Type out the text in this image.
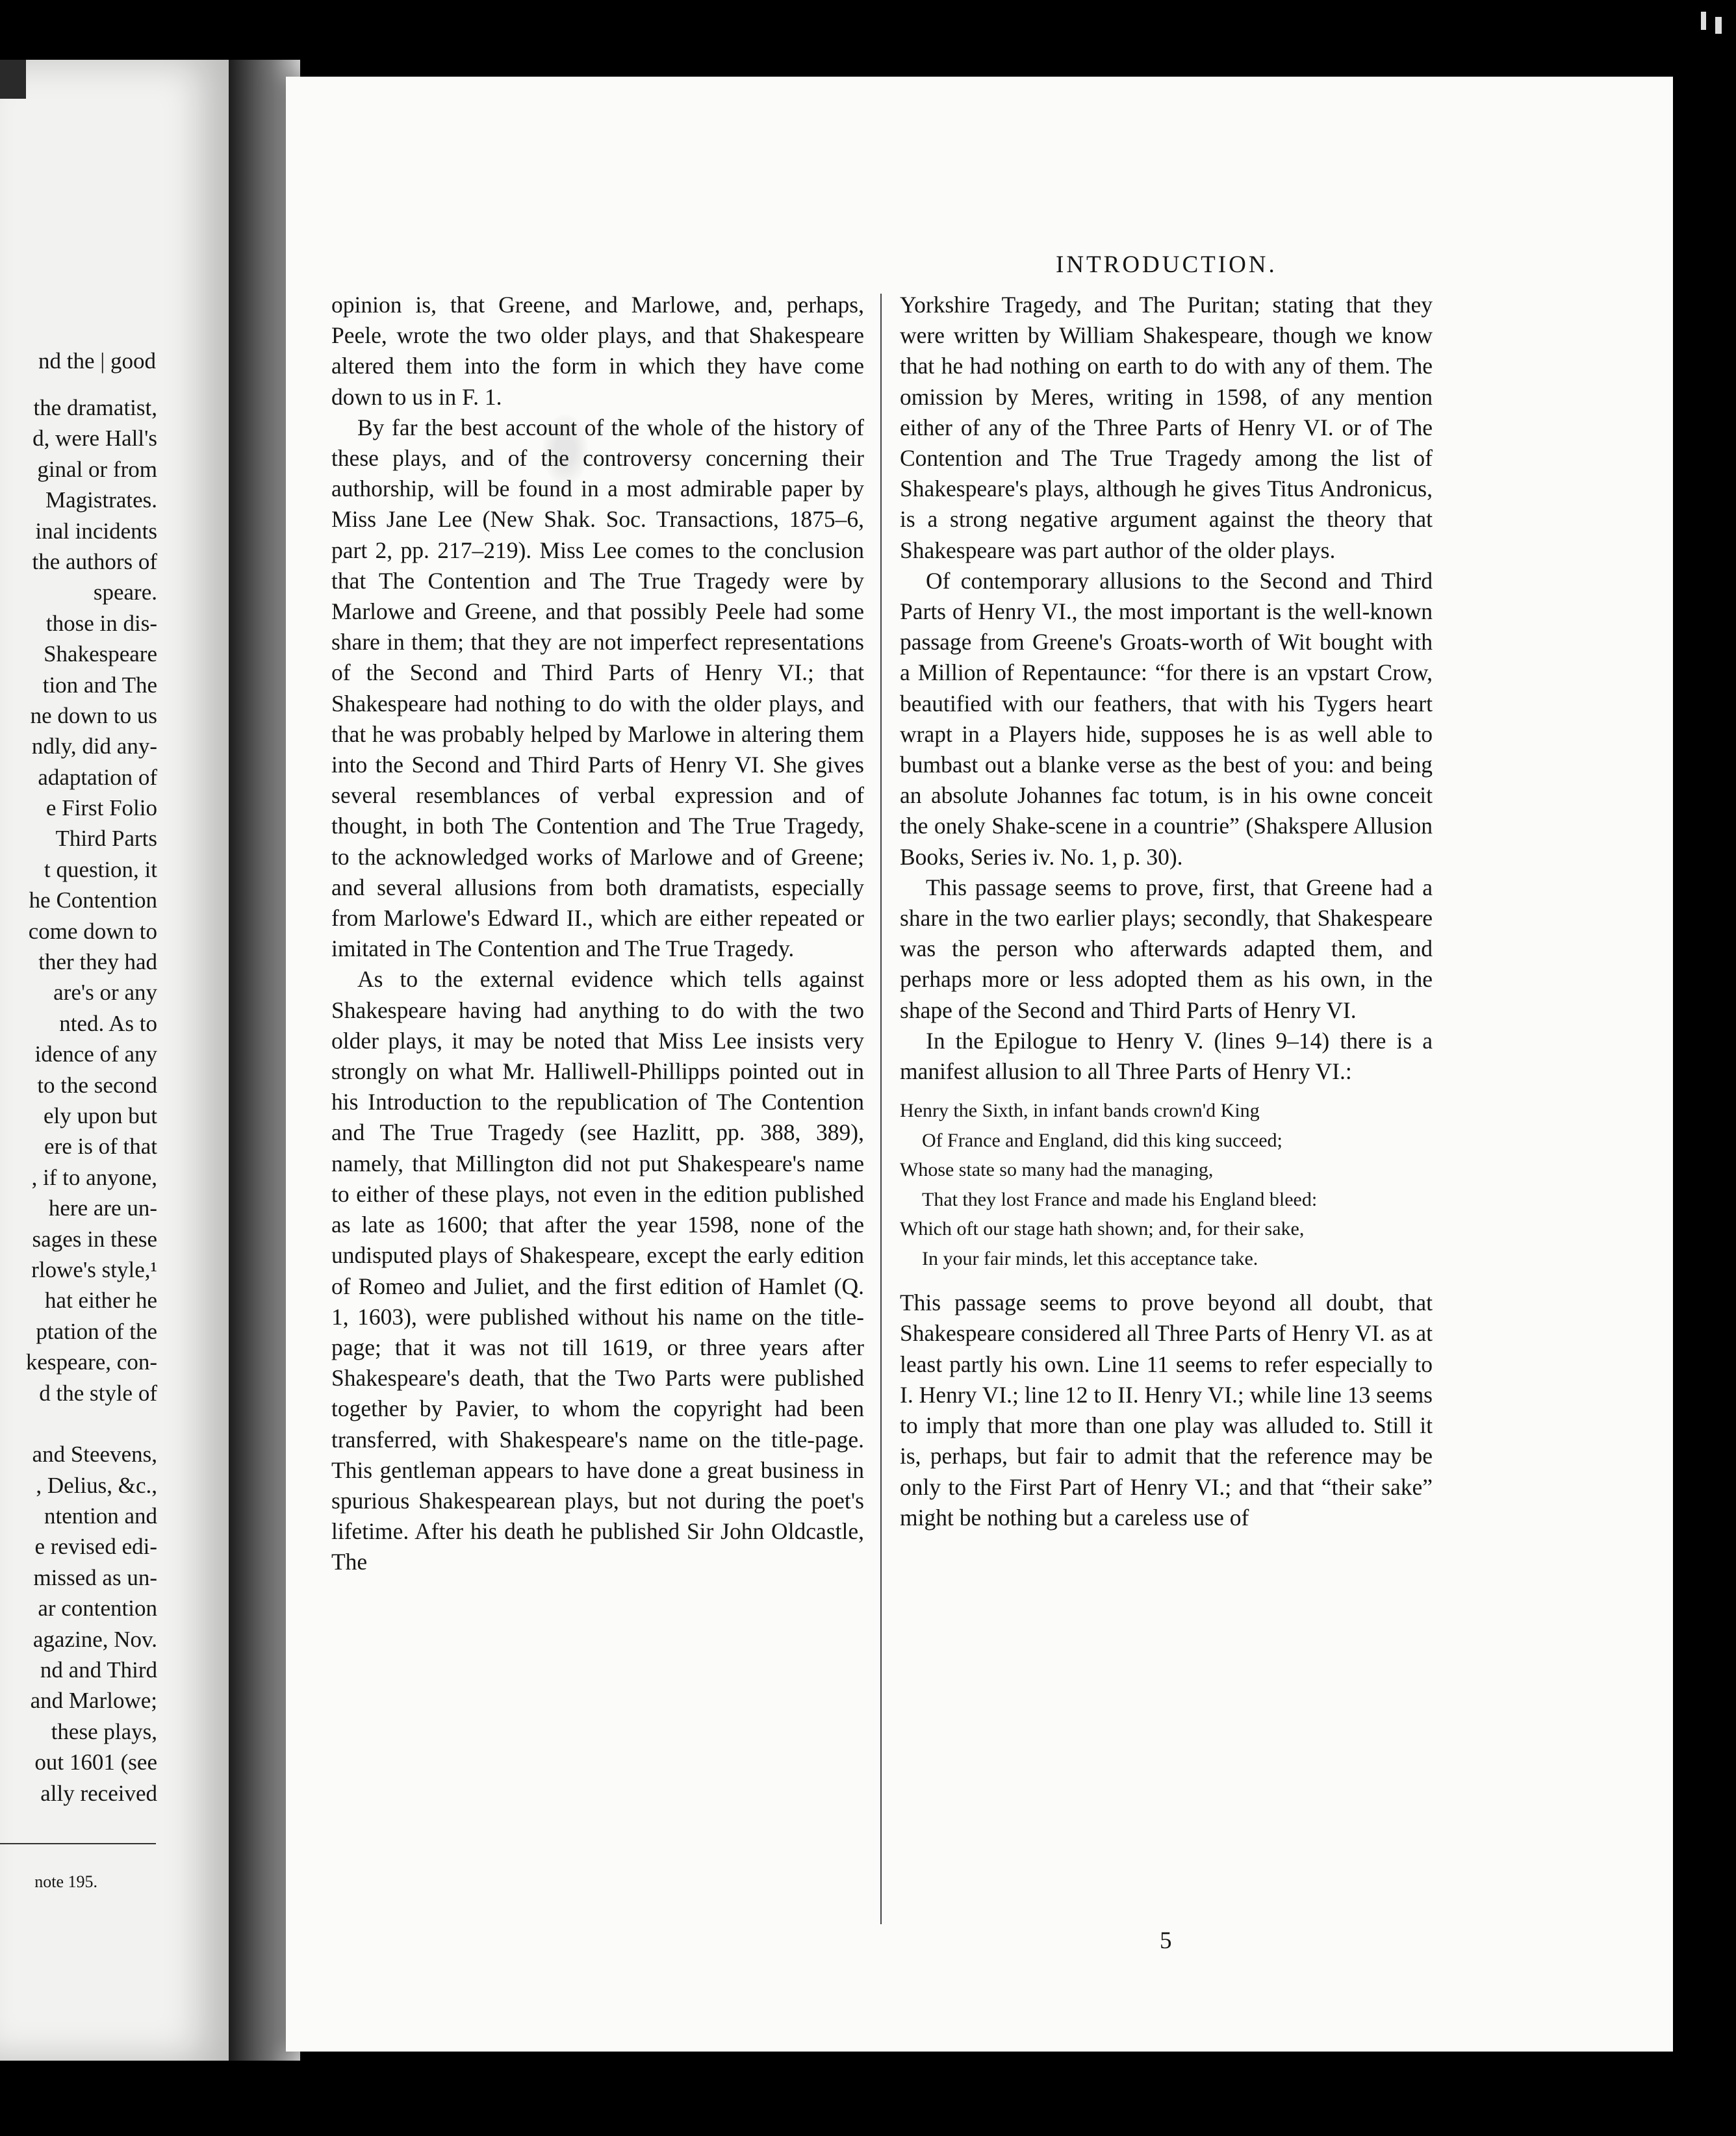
nd the | good
the dramatist,
d, were Hall's
ginal or from
Magistrates.
inal incidents
the authors of
speare.
those in dis-
Shakespeare
tion and The
ne down to us
ndly, did any-
adaptation of
e First Folio
Third Parts
t question, it
he Contention
come down to
ther they had
are's or any
nted. As to
idence of any
to the second
ely upon but
ere is of that
, if to anyone,
here are un-
sages in these
rlowe's style,¹
hat either he
ptation of the
kespeare, con-
d the style of
and Steevens,
, Delius, &c.,
ntention and
e revised edi-
missed as un-
ar contention
agazine, Nov.
nd and Third
and Marlowe;
these plays,
out 1601 (see
ally received
note 195.
INTRODUCTION.

opinion is, that Greene, and Marlowe, and, perhaps, Peele, wrote the two older plays, and that Shakespeare altered them into the form in which they have come down to us in F. 1.

By far the best account of the whole of the history of these plays, and of the controversy concerning their authorship, will be found in a most admirable paper by Miss Jane Lee (New Shak. Soc. Transactions, 1875–6, part 2, pp. 217–219). Miss Lee comes to the conclusion that The Contention and The True Tragedy were by Marlowe and Greene, and that possibly Peele had some share in them; that they are not imperfect representations of the Second and Third Parts of Henry VI.; that Shakespeare had nothing to do with the older plays, and that he was probably helped by Marlowe in altering them into the Second and Third Parts of Henry VI. She gives several resemblances of verbal expression and of thought, in both The Contention and The True Tragedy, to the acknowledged works of Marlowe and of Greene; and several allusions from both dramatists, especially from Marlowe's Edward II., which are either repeated or imitated in The Contention and The True Tragedy.

As to the external evidence which tells against Shakespeare having had anything to do with the two older plays, it may be noted that Miss Lee insists very strongly on what Mr. Halliwell-Phillipps pointed out in his Introduction to the republication of The Contention and The True Tragedy (see Hazlitt, pp. 388, 389), namely, that Millington did not put Shakespeare's name to either of these plays, not even in the edition published as late as 1600; that after the year 1598, none of the undisputed plays of Shakespeare, except the early edition of Romeo and Juliet, and the first edition of Hamlet (Q. 1, 1603), were published without his name on the title-page; that it was not till 1619, or three years after Shakespeare's death, that the Two Parts were published together by Pavier, to whom the copyright had been transferred, with Shakespeare's name on the title-page. This gentleman appears to have done a great business in spurious Shakespearean plays, but not during the poet's lifetime. After his death he published Sir John Oldcastle, The

Yorkshire Tragedy, and The Puritan; stating that they were written by William Shakespeare, though we know that he had nothing on earth to do with any of them. The omission by Meres, writing in 1598, of any mention either of any of the Three Parts of Henry VI. or of The Contention and The True Tragedy among the list of Shakespeare's plays, although he gives Titus Andronicus, is a strong negative argument against the theory that Shakespeare was part author of the older plays.

Of contemporary allusions to the Second and Third Parts of Henry VI., the most important is the well-known passage from Greene's Groats-worth of Wit bought with a Million of Repentaunce: “for there is an vpstart Crow, beautified with our feathers, that with his Tygers heart wrapt in a Players hide, supposes he is as well able to bumbast out a blanke verse as the best of you: and being an absolute Johannes fac totum, is in his owne conceit the onely Shake-scene in a countrie” (Shakspere Allusion Books, Series iv. No. 1, p. 30).

This passage seems to prove, first, that Greene had a share in the two earlier plays; secondly, that Shakespeare was the person who afterwards adapted them, and perhaps more or less adopted them as his own, in the shape of the Second and Third Parts of Henry VI.

In the Epilogue to Henry V. (lines 9–14) there is a manifest allusion to all Three Parts of Henry VI.:

Henry the Sixth, in infant bands crown'd King
Of France and England, did this king succeed;
Whose state so many had the managing,
That they lost France and made his England bleed:
Which oft our stage hath shown; and, for their sake,
In your fair minds, let this acceptance take.

This passage seems to prove beyond all doubt, that Shakespeare considered all Three Parts of Henry VI. as at least partly his own. Line 11 seems to refer especially to I. Henry VI.; line 12 to II. Henry VI.; while line 13 seems to imply that more than one play was alluded to. Still it is, perhaps, but fair to admit that the reference may be only to the First Part of Henry VI.; and that “their sake” might be nothing but a careless use of

5
